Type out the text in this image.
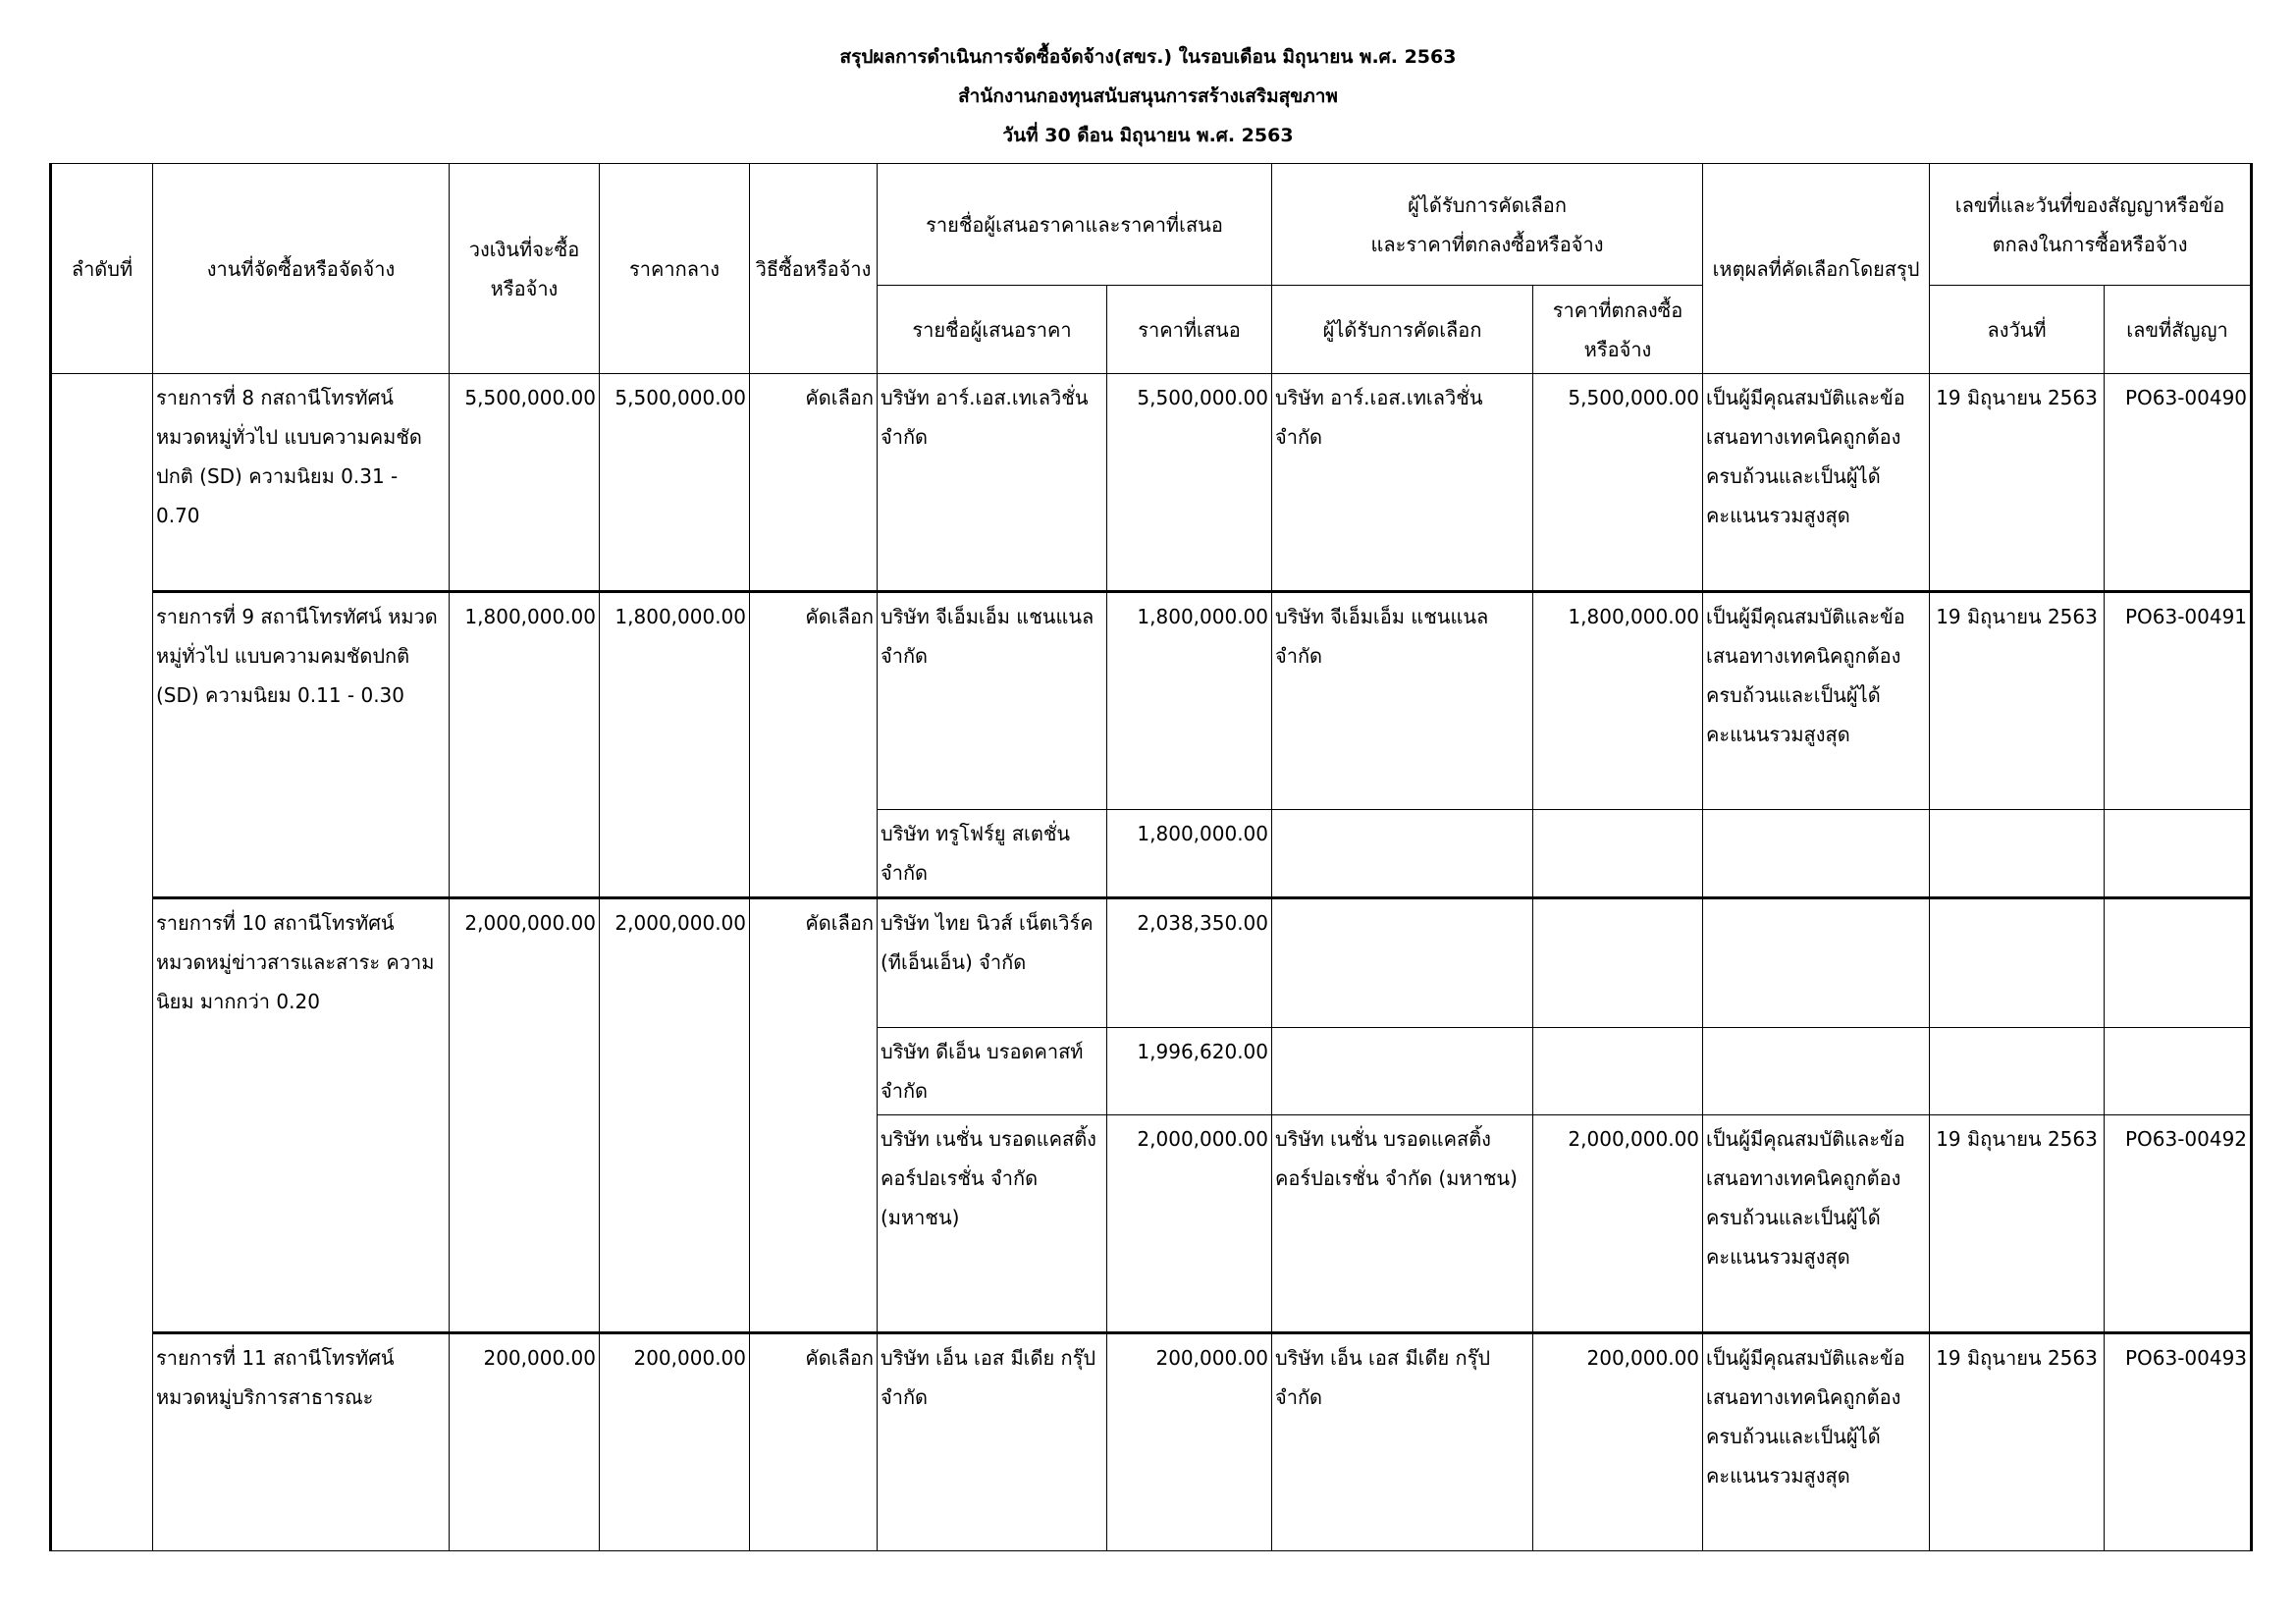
สรุปผลการดำเนินการจัดซื้อจัดจ้าง(สขร.) ในรอบเดือน มิถุนายน พ.ศ. 2563
สำนักงานกองทุนสนับสนุนการสร้างเสริมสุขภาพ
วันที่ 30 ดือน มิถุนายน พ.ศ. 2563
ลำดับที่	งานที่จัดซื้อหรือจัดจ้าง	วงเงินที่จะซื้อหรือจ้าง	ราคากลาง	วิธีซื้อหรือจ้าง	รายชื่อผู้เสนอราคาและราคาที่เสนอ		ผู้ได้รับการคัดเลือก
และราคาที่ตกลงซื้อหรือจ้าง		เหตุผลที่คัดเลือกโดยสรุป	เลขที่และวันที่ของสัญญาหรือข้อตกลงในการซื้อหรือจ้าง	
					รายชื่อผู้เสนอราคา	ราคาที่เสนอ	ผู้ได้รับการคัดเลือก	ราคาที่ตกลงซื้อหรือจ้าง		ลงวันที่	เลขที่สัญญา
	รายการที่ 8 กสถานีโทรทัศน์ หมวดหมู่ทั่วไป แบบความคมชัดปกติ (SD) ความนิยม 0.31 - 0.70	5,500,000.00	5,500,000.00	คัดเลือก	บริษัท อาร์.เอส.เทเลวิชั่น จำกัด	5,500,000.00	บริษัท อาร์.เอส.เทเลวิชั่น จำกัด	5,500,000.00	เป็นผู้มีคุณสมบัติและข้อเสนอทางเทคนิคถูกต้องครบถ้วนและเป็นผู้ได้คะแนนรวมสูงสุด	19 มิถุนายน 2563	PO63-00490
	รายการที่ 9 สถานีโทรทัศน์ หมวดหมู่ทั่วไป แบบความคมชัดปกติ (SD) ความนิยม 0.11 - 0.30	1,800,000.00	1,800,000.00	คัดเลือก	บริษัท จีเอ็มเอ็ม แชนแนล จำกัด	1,800,000.00	บริษัท จีเอ็มเอ็ม แชนแนล จำกัด	1,800,000.00	เป็นผู้มีคุณสมบัติและข้อเสนอทางเทคนิคถูกต้องครบถ้วนและเป็นผู้ได้คะแนนรวมสูงสุด	19 มิถุนายน 2563	PO63-00491
					บริษัท ทรูโฟร์ยู สเตชั่น จำกัด	1,800,000.00					
	รายการที่ 10 สถานีโทรทัศน์ หมวดหมู่ข่าวสารและสาระ ความนิยม มากกว่า 0.20	2,000,000.00	2,000,000.00	คัดเลือก	บริษัท ไทย นิวส์ เน็ตเวิร์ค (ทีเอ็นเอ็น) จำกัด	2,038,350.00					
					บริษัท ดีเอ็น บรอดคาสท์ จำกัด	1,996,620.00					
					บริษัท เนชั่น บรอดแคสติ้ง คอร์ปอเรชั่น จำกัด (มหาชน)	2,000,000.00	บริษัท เนชั่น บรอดแคสติ้ง คอร์ปอเรชั่น จำกัด (มหาชน)	2,000,000.00	เป็นผู้มีคุณสมบัติและข้อเสนอทางเทคนิคถูกต้องครบถ้วนและเป็นผู้ได้คะแนนรวมสูงสุด	19 มิถุนายน 2563	PO63-00492
	รายการที่ 11 สถานีโทรทัศน์ หมวดหมู่บริการสาธารณะ	200,000.00	200,000.00	คัดเลือก	บริษัท เอ็น เอส มีเดีย กรุ๊ป จำกัด	200,000.00	บริษัท เอ็น เอส มีเดีย กรุ๊ป จำกัด	200,000.00	เป็นผู้มีคุณสมบัติและข้อเสนอทางเทคนิคถูกต้องครบถ้วนและเป็นผู้ได้คะแนนรวมสูงสุด	19 มิถุนายน 2563	PO63-00493
